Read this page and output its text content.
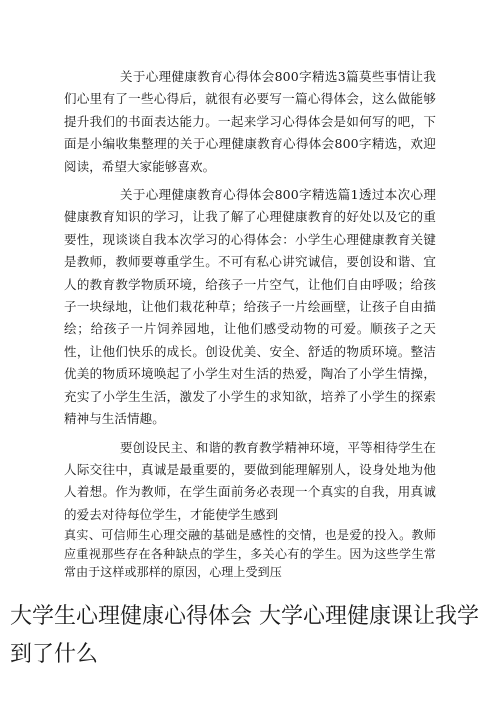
关于心理健康教育心得体会800字精选3篇莫些事情让我们心里有了一些心得后，就很有必要写一篇心得体会，这么做能够提升我们的书面表达能力。一起来学习心得体会是如何写的吧，下面是小编收集整理的关于心理健康教育心得体会800字精选，欢迎阅读，希望大家能够喜欢。

关于心理健康教育心得体会800字精选篇1透过本次心理健康教育知识的学习，让我了解了心理健康教育的好处以及它的重要性，现谈谈自我本次学习的心得体会：小学生心理健康教育关键是教师，教师要尊重学生。不可有私心讲究诚信，要创设和谐、宜人的教育教学物质环境，给孩子一片空气，让他们自由呼吸；给孩子一块绿地，让他们栽花种草；给孩子一片绘画壁，让孩子自由描绘；给孩子一片饲养园地，让他们感受动物的可爱。顺孩子之天性，让他们快乐的成长。创设优美、安全、舒适的物质环境。整洁优美的物质环境唤起了小学生对生活的热爱，陶冶了小学生情操，充实了小学生生活，激发了小学生的求知欲，培养了小学生的探索精神与生活情趣。

要创设民主、和谐的教育教学精神环境，平等相待学生在人际交往中，真诚是最重要的，要做到能理解别人，设身处地为他人着想。作为教师，在学生面前务必表现一个真实的自我，用真诚的爱去对待每位学生，才能使学生感到

真实、可信师生心理交融的基础是感性的交情，也是爱的投入。教师应重视那些存在各种缺点的学生，多关心有的学生。因为这些学生常常由于这样或那样的原因，心理上受到压

大学生心理健康心得体会 大学心理健康课让我学到了什么
